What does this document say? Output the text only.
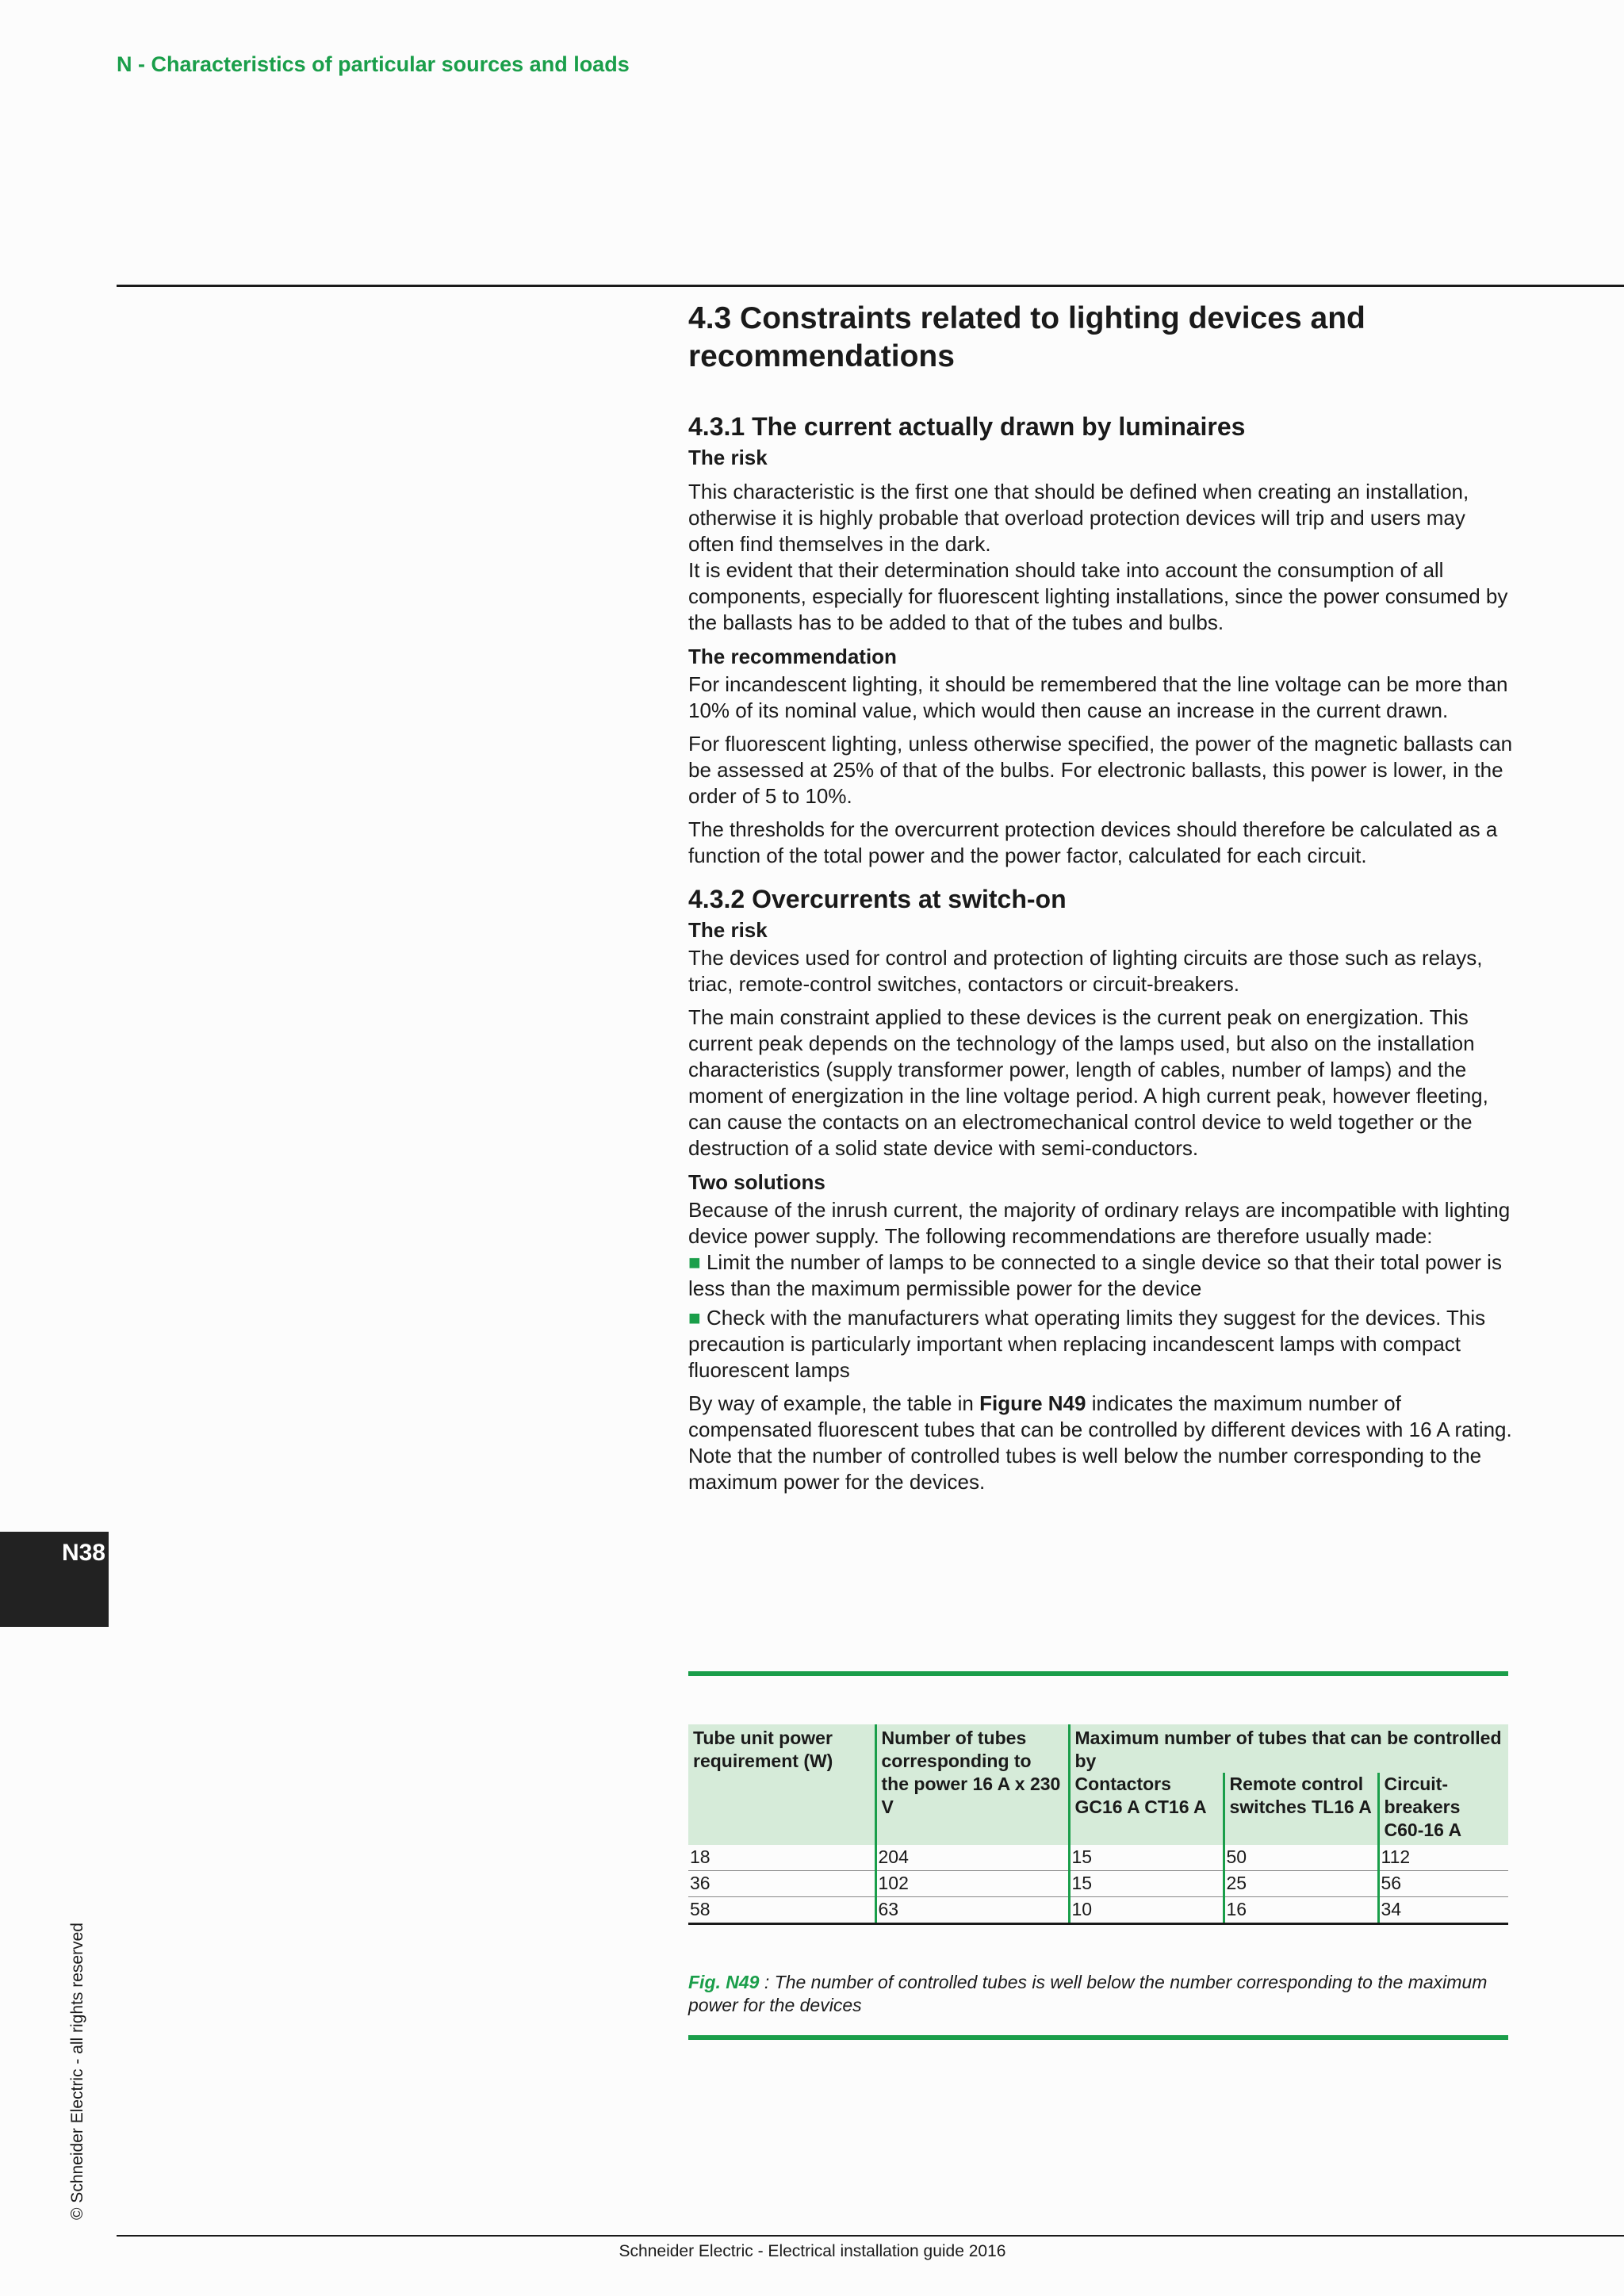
N - Characteristics of particular sources and loads
4.3 Constraints related to lighting devices and recommendations
4.3.1 The current actually drawn by luminaires
The risk

This characteristic is the first one that should be defined when creating an installation, otherwise it is highly probable that overload protection devices will trip and users may often find themselves in the dark.

It is evident that their determination should take into account the consumption of all components, especially for fluorescent lighting installations, since the power consumed by the ballasts has to be added to that of the tubes and bulbs.

The recommendation

For incandescent lighting, it should be remembered that the line voltage can be more than 10% of its nominal value, which would then cause an increase in the current drawn.

For fluorescent lighting, unless otherwise specified, the power of the magnetic ballasts can be assessed at 25% of that of the bulbs. For electronic ballasts, this power is lower, in the order of 5 to 10%.

The thresholds for the overcurrent protection devices should therefore be calculated as a function of the total power and the power factor, calculated for each circuit.

4.3.2 Overcurrents at switch-on
The risk

The devices used for control and protection of lighting circuits are those such as relays, triac, remote-control switches, contactors or circuit-breakers.

The main constraint applied to these devices is the current peak on energization. This current peak depends on the technology of the lamps used, but also on the installation characteristics (supply transformer power, length of cables, number of lamps) and the moment of energization in the line voltage period. A high current peak, however fleeting, can cause the contacts on an electromechanical control device to weld together or the destruction of a solid state device with semi-conductors.

Two solutions

Because of the inrush current, the majority of ordinary relays are incompatible with lighting device power supply. The following recommendations are therefore usually made:

■ Limit the number of lamps to be connected to a single device so that their total power is less than the maximum permissible power for the device

■ Check with the manufacturers what operating limits they suggest for the devices. This precaution is particularly important when replacing incandescent lamps with compact fluorescent lamps

By way of example, the table in Figure N49 indicates the maximum number of compensated fluorescent tubes that can be controlled by different devices with 16 A rating. Note that the number of controlled tubes is well below the number corresponding to the maximum power for the devices.

Tube unit power requirement (W)	Number of tubes corresponding to the power 16 A x 230 V	Maximum number of tubes that can be controlled by		
		Contactors GC16 A CT16 A	Remote control switches TL16 A	Circuit-breakers C60-16 A
18	204	15	50	112
36	102	15	25	56
58	63	10	16	34
Fig. N49 : The number of controlled tubes is well below the number corresponding to the maximum power for the devices
N38
© Schneider Electric - all rights reserved
Schneider Electric - Electrical installation guide 2016
